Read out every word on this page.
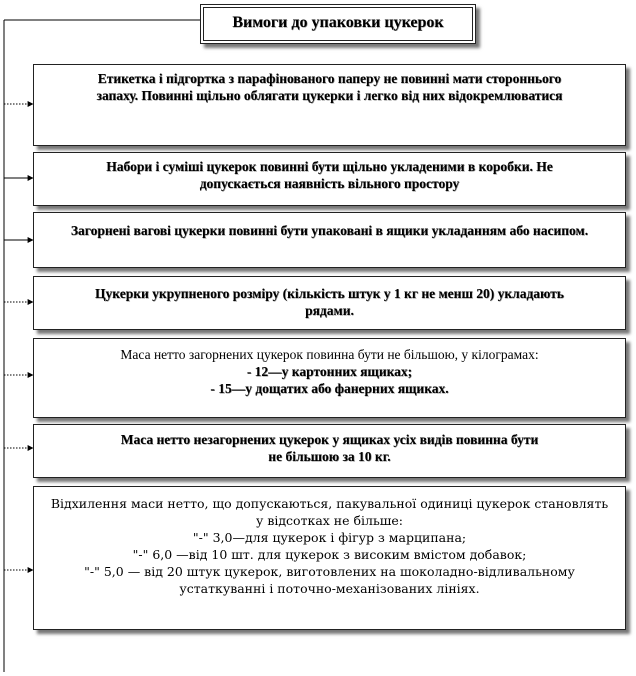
Вимоги до упаковки цукерок
Етикетка і підгортка з парафінованого паперу не повинні мати стороннього
запаху. Повинні щільно облягати цукерки і легко від них відокремлюватися
Набори і суміші цукерок повинні бути щільно укладеними в коробки. Не
допускається наявність вільного простору
Загорнені вагові цукерки повинні бути упаковані в ящики укладанням або насипом.
Цукерки укрупненого розміру (кількість штук у 1 кг не менш 20) укладають
рядами.
Маса нетто загорнених цукерок повинна бути не більшою, у кілограмах:
- 12—у картонних ящиках;
- 15—у дощатих або фанерних ящиках.
Маса нетто незагорнених цукерок у ящиках усіх видів повинна бути
не більшою за 10 кг.
Відхилення маси нетто, що допускаються, пакувальної одиниці цукерок становлять
у відсотках не більше:
"-" 3,0—для цукерок і фігур з марципана;
"-" 6,0 —від 10 шт. для цукерок з високим вмістом добавок;
"-" 5,0 — від 20 штук цукерок, виготовлених на шоколадно-відливальному
устаткуванні і поточно-механізованих лініях.
